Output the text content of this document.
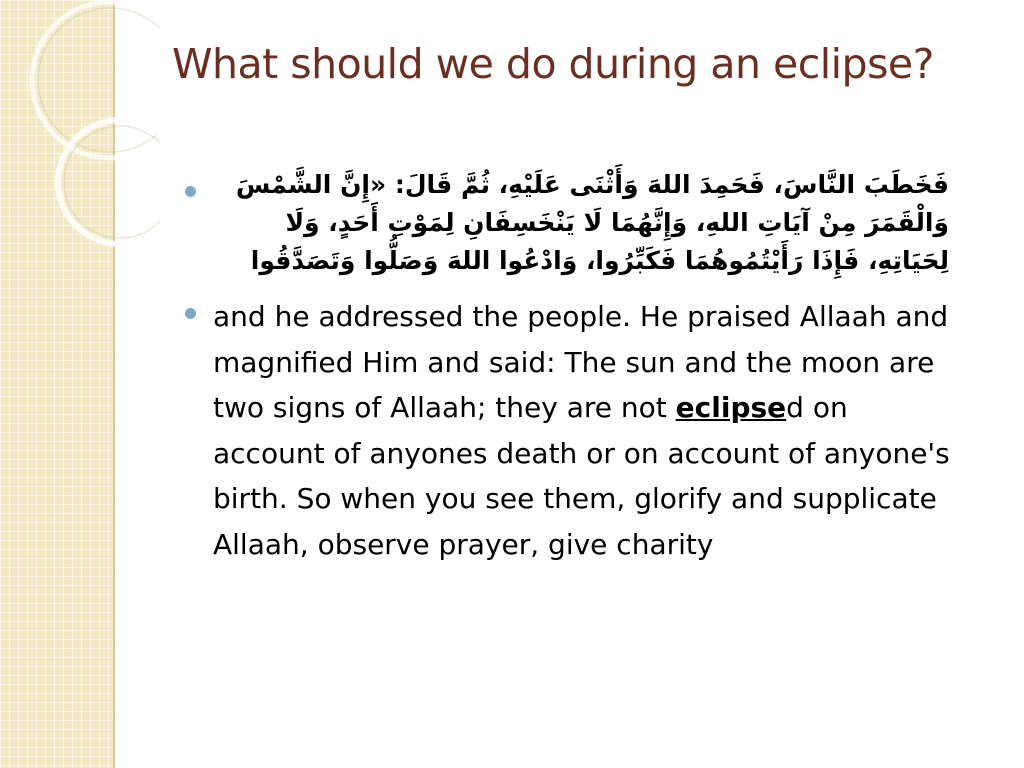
What should we do during an eclipse?

فَخَطَبَ النَّاسَ، فَحَمِدَ اللهَ وَأَثْنَى عَلَيْهِ، ثُمَّ قَالَ: «إِنَّ الشَّمْسَ وَالْقَمَرَ مِنْ آيَاتِ اللهِ، وَإِنَّهُمَا لَا يَنْخَسِفَانِ لِمَوْتِ أَحَدٍ، وَلَا لِحَيَاتِهِ، فَإِذَا رَأَيْتُمُوهُمَا فَكَبِّرُوا، وَادْعُوا اللهَ وَصَلُّوا وَتَصَدَّقُوا

and he addressed the people. He praised Allaah and magnified Him and said: The sun and the moon are two signs of Allaah; they are not eclipsed on account of anyones death or on account of anyone's birth. So when you see them, glorify and supplicate Allaah, observe prayer, give charity
